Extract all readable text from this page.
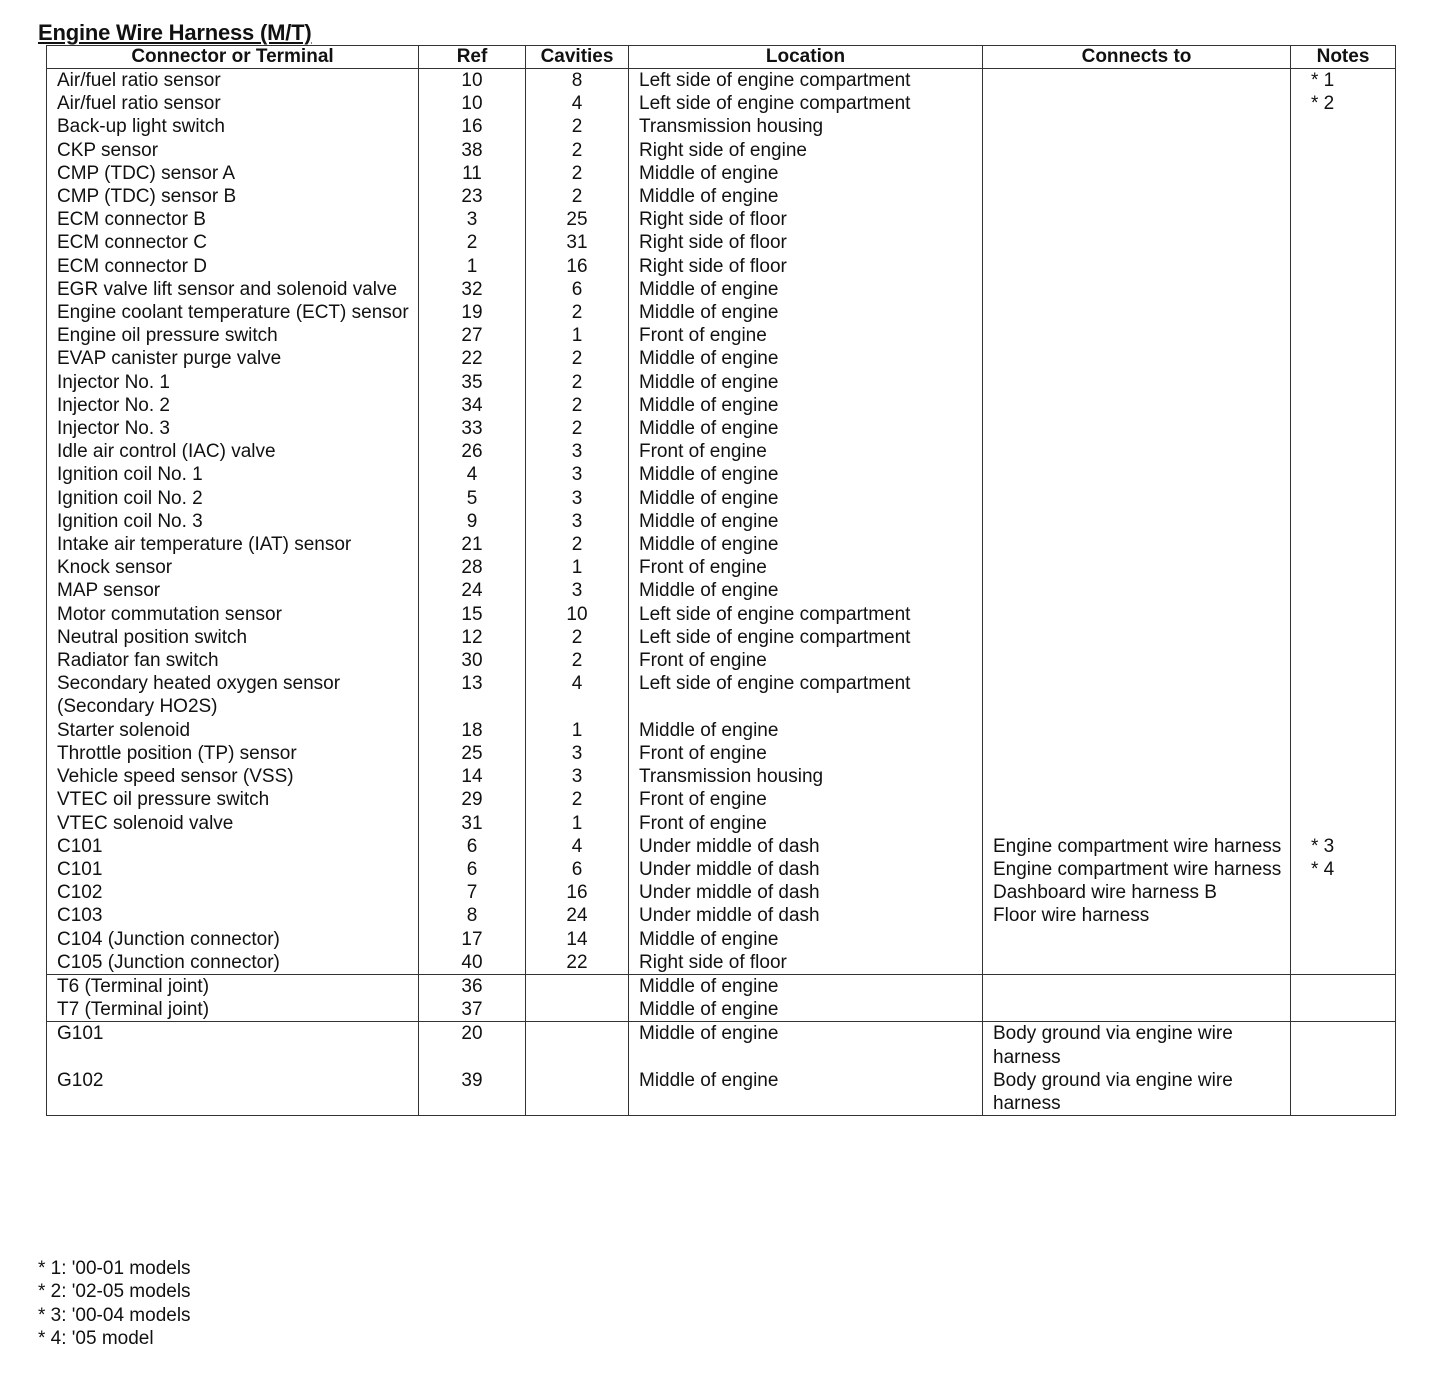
Engine Wire Harness (M/T)
Connector or Terminal	Ref	Cavities	Location	Connects to	Notes
Air/fuel ratio sensor	10	8	Left side of engine compartment		* 1
Air/fuel ratio sensor	10	4	Left side of engine compartment		* 2
Back-up light switch	16	2	Transmission housing		
CKP sensor	38	2	Right side of engine		
CMP (TDC) sensor A	11	2	Middle of engine		
CMP (TDC) sensor B	23	2	Middle of engine		
ECM connector B	3	25	Right side of floor		
ECM connector C	2	31	Right side of floor		
ECM connector D	1	16	Right side of floor		
EGR valve lift sensor and solenoid valve	32	6	Middle of engine		
Engine coolant temperature (ECT) sensor	19	2	Middle of engine		
Engine oil pressure switch	27	1	Front of engine		
EVAP canister purge valve	22	2	Middle of engine		
Injector No. 1	35	2	Middle of engine		
Injector No. 2	34	2	Middle of engine		
Injector No. 3	33	2	Middle of engine		
Idle air control (IAC) valve	26	3	Front of engine		
Ignition coil No. 1	4	3	Middle of engine		
Ignition coil No. 2	5	3	Middle of engine		
Ignition coil No. 3	9	3	Middle of engine		
Intake air temperature (IAT) sensor	21	2	Middle of engine		
Knock sensor	28	1	Front of engine		
MAP sensor	24	3	Middle of engine		
Motor commutation sensor	15	10	Left side of engine compartment		
Neutral position switch	12	2	Left side of engine compartment		
Radiator fan switch	30	2	Front of engine		
Secondary heated oxygen sensor (Secondary HO2S)	13	4	Left side of engine compartment		
Starter solenoid	18	1	Middle of engine		
Throttle position (TP) sensor	25	3	Front of engine		
Vehicle speed sensor (VSS)	14	3	Transmission housing		
VTEC oil pressure switch	29	2	Front of engine		
VTEC solenoid valve	31	1	Front of engine		
C101	6	4	Under middle of dash	Engine compartment wire harness	* 3
C101	6	6	Under middle of dash	Engine compartment wire harness	* 4
C102	7	16	Under middle of dash	Dashboard wire harness B	
C103	8	24	Under middle of dash	Floor wire harness	
C104 (Junction connector)	17	14	Middle of engine		
C105 (Junction connector)	40	22	Right side of floor		
T6 (Terminal joint)	36		Middle of engine		
T7 (Terminal joint)	37		Middle of engine		
G101	20		Middle of engine	Body ground via engine wire harness	
G102	39		Middle of engine	Body ground via engine wire harness	
* 1: '00-01 models
* 2: '02-05 models
* 3: '00-04 models
* 4: '05 model
